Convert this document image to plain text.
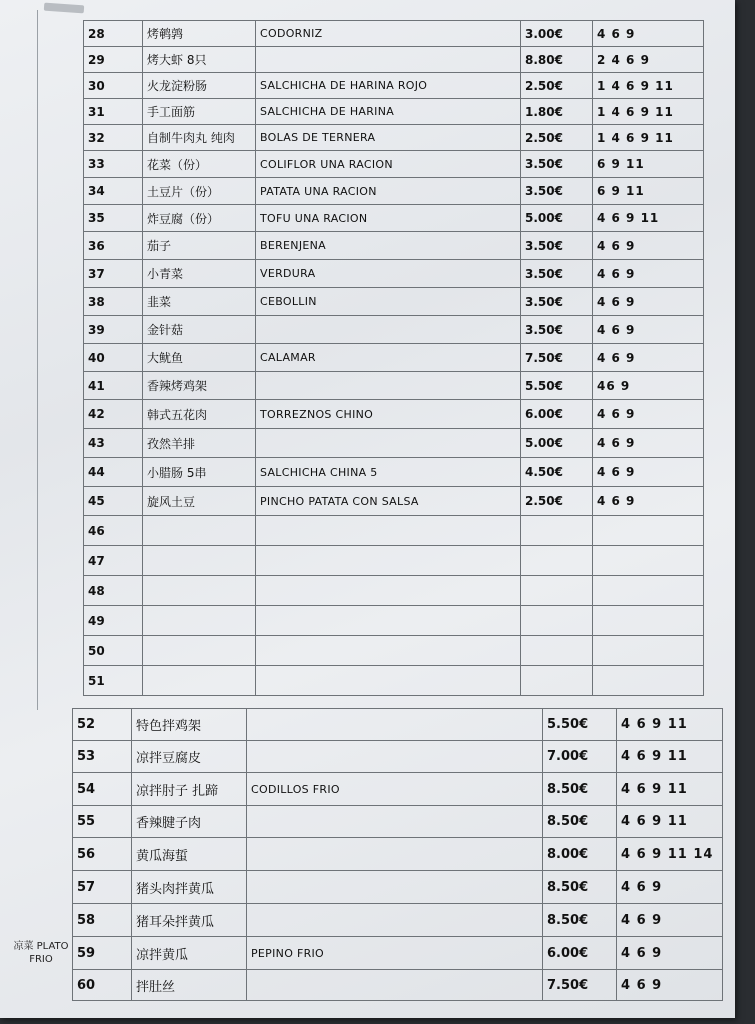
28	烤鹌鹑	CODORNIZ	3.00€	4 6 9
29	烤大虾 8只		8.80€	2 4 6 9
30	火龙淀粉肠	SALCHICHA DE HARINA ROJO	2.50€	1 4 6 9 11
31	手工面筋	SALCHICHA DE HARINA	1.80€	1 4 6 9 11
32	自制牛肉丸 纯肉	BOLAS DE TERNERA	2.50€	1 4 6 9 11
33	花菜（份）	COLIFLOR UNA RACION	3.50€	6 9 11
34	土豆片（份）	PATATA UNA RACION	3.50€	6 9 11
35	炸豆腐（份）	TOFU UNA RACION	5.00€	4 6 9 11
36	茄子	BERENJENA	3.50€	4 6 9
37	小青菜	VERDURA	3.50€	4 6 9
38	韭菜	CEBOLLIN	3.50€	4 6 9
39	金针菇		3.50€	4 6 9
40	大鱿鱼	CALAMAR	7.50€	4 6 9
41	香辣烤鸡架		5.50€	46 9
42	韩式五花肉	TORREZNOS CHINO	6.00€	4 6 9
43	孜然羊排		5.00€	4 6 9
44	小腊肠 5串	SALCHICHA CHINA 5	4.50€	4 6 9
45	旋风土豆	PINCHO PATATA CON SALSA	2.50€	4 6 9
46				
47				
48				
49				
50				
51				
52	特色拌鸡架		5.50€	4 6 9 11
53	凉拌豆腐皮		7.00€	4 6 9 11
54	凉拌肘子 扎蹄	CODILLOS FRIO	8.50€	4 6 9 11
55	香辣腱子肉		8.50€	4 6 9 11
56	黄瓜海蜇		8.00€	4 6 9 11 14
57	猪头肉拌黄瓜		8.50€	4 6 9
58	猪耳朵拌黄瓜		8.50€	4 6 9
59	凉拌黄瓜	PEPINO FRIO	6.00€	4 6 9
60	拌肚丝		7.50€	4 6 9
凉菜 PLATO FRIO
